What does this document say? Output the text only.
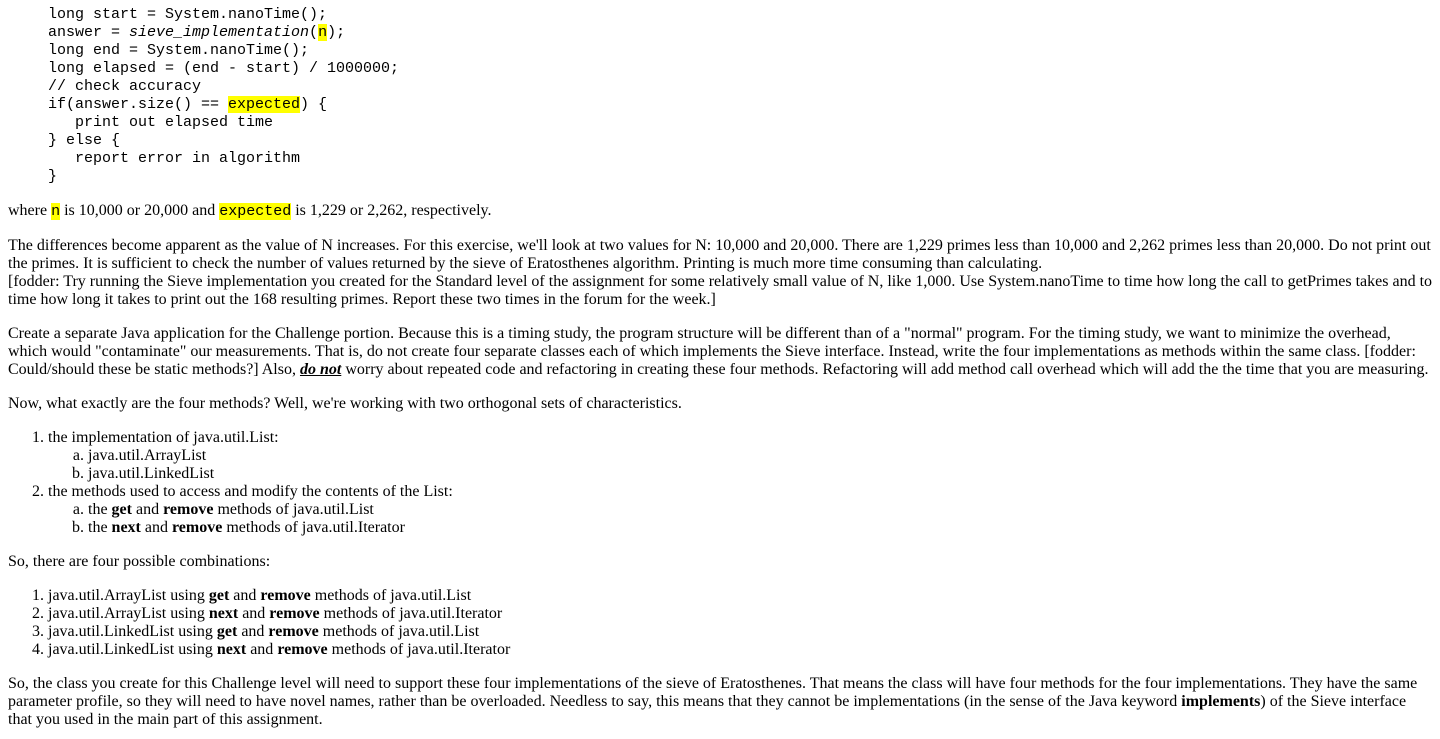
long start = System.nanoTime();
answer = sieve_implementation(n);
long end = System.nanoTime();
long elapsed = (end - start) / 1000000;
// check accuracy
if(answer.size() == expected) {
print out elapsed time
} else {
report error in algorithm
}

where n is 10,000 or 20,000 and expected is 1,229 or 2,262, respectively.

The differences become apparent as the value of N increases. For this exercise, we'll look at two values for N: 10,000 and 20,000. There are 1,229 primes less than 10,000 and 2,262 primes less than 20,000. Do not print out the primes. It is sufficient to check the number of values returned by the sieve of Eratosthenes algorithm. Printing is much more time consuming than calculating.
[fodder: Try running the Sieve implementation you created for the Standard level of the assignment for some relatively small value of N, like 1,000. Use System.nanoTime to time how long the call to getPrimes takes and to time how long it takes to print out the 168 resulting primes. Report these two times in the forum for the week.]

Create a separate Java application for the Challenge portion. Because this is a timing study, the program structure will be different than of a "normal" program. For the timing study, we want to minimize the overhead, which would "contaminate" our measurements. That is, do not create four separate classes each of which implements the Sieve interface. Instead, write the four implementations as methods within the same class. [fodder: Could/should these be static methods?] Also, do not worry about repeated code and refactoring in creating these four methods. Refactoring will add method call overhead which will add the the time that you are measuring.

Now, what exactly are the four methods? Well, we're working with two orthogonal sets of characteristics.

1. the implementation of java.util.List:
a. java.util.ArrayList
b. java.util.LinkedList
2. the methods used to access and modify the contents of the List:
a. the get and remove methods of java.util.List
b. the next and remove methods of java.util.Iterator

So, there are four possible combinations:

1. java.util.ArrayList using get and remove methods of java.util.List
2. java.util.ArrayList using next and remove methods of java.util.Iterator
3. java.util.LinkedList using get and remove methods of java.util.List
4. java.util.LinkedList using next and remove methods of java.util.Iterator

So, the class you create for this Challenge level will need to support these four implementations of the sieve of Eratosthenes. That means the class will have four methods for the four implementations. They have the same parameter profile, so they will need to have novel names, rather than be overloaded. Needless to say, this means that they cannot be implementations (in the sense of the Java keyword implements) of the Sieve interface that you used in the main part of this assignment.
